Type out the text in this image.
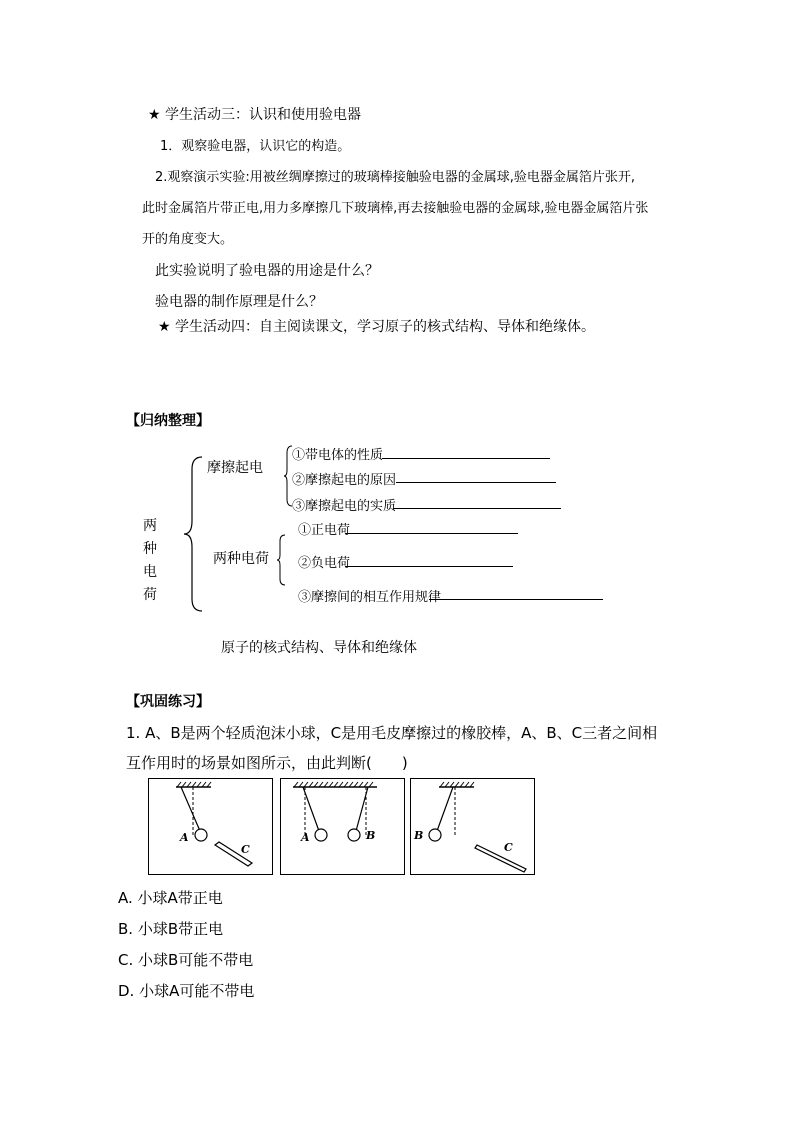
★ 学生活动三：认识和使用验电器
1．观察验电器，认识它的构造。
2.观察演示实验:用被丝绸摩擦过的玻璃棒接触验电器的金属球,验电器金属箔片张开,
此时金属箔片带正电,用力多摩擦几下玻璃棒,再去接触验电器的金属球,验电器金属箔片张
开的角度变大。
此实验说明了验电器的用途是什么？
验电器的制作原理是什么？
★ 学生活动四：自主阅读课文，学习原子的核式结构、导体和绝缘体。
【归纳整理】
两
种
电
荷
摩擦起电
①带电体的性质
②摩擦起电的原因
③摩擦起电的实质
两种电荷
①正电荷
②负电荷
③摩擦间的相互作用规律
原子的核式结构、导体和绝缘体
【巩固练习】
1. A、B是两个轻质泡沫小球，C是用毛皮摩擦过的橡胶棒，A、B、C三者之间相
互作用时的场景如图所示，由此判断(　　)
A
C
A	B	B
C
A. 小球A带正电
B. 小球B带正电
C. 小球B可能不带电
D. 小球A可能不带电
